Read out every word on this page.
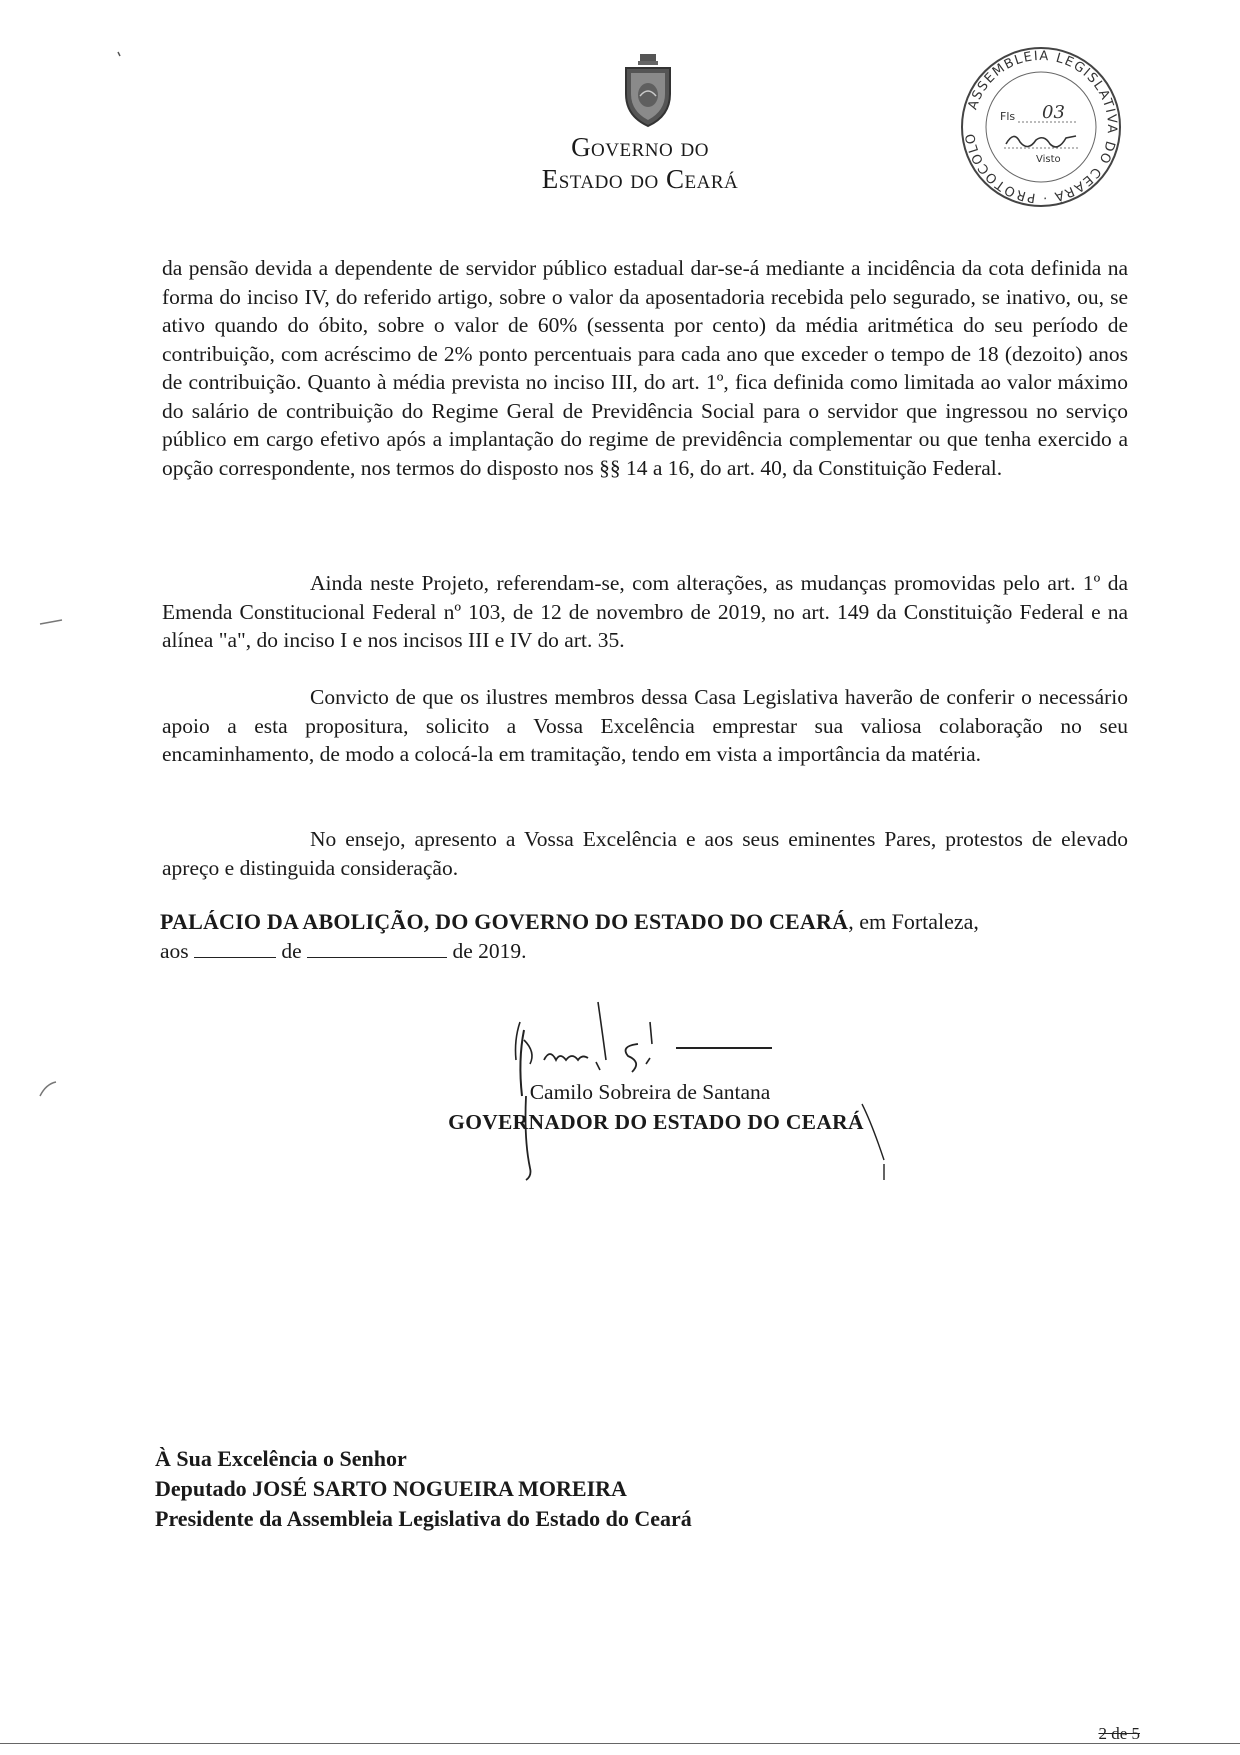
Governo do
Estado do Ceará
ASSEMBLEIA LEGISLATIVA DO CEARÁ · PROTOCOLO
Fls 03
Visto
da pensão devida a dependente de servidor público estadual dar-se-á mediante a incidência da cota definida na forma do inciso IV, do referido artigo, sobre o valor da aposentadoria recebida pelo segurado, se inativo, ou, se ativo quando do óbito, sobre o valor de 60% (sessenta por cento) da média aritmética do seu período de contribuição, com acréscimo de 2% ponto percentuais para cada ano que exceder o tempo de 18 (dezoito) anos de contribuição. Quanto à média prevista no inciso III, do art. 1º, fica definida como limitada ao valor máximo do salário de contribuição do Regime Geral de Previdência Social para o servidor que ingressou no serviço público em cargo efetivo após a implantação do regime de previdência complementar ou que tenha exercido a opção correspondente, nos termos do disposto nos §§ 14 a 16, do art. 40, da Constituição Federal.
Ainda neste Projeto, referendam-se, com alterações, as mudanças promovidas pelo art. 1º da Emenda Constitucional Federal nº 103, de 12 de novembro de 2019, no art. 149 da Constituição Federal e na alínea "a", do inciso I e nos incisos III e IV do art. 35.
Convicto de que os ilustres membros dessa Casa Legislativa haverão de conferir o necessário apoio a esta propositura, solicito a Vossa Excelência emprestar sua valiosa colaboração no seu encaminhamento, de modo a colocá-la em tramitação, tendo em vista a importância da matéria.
No ensejo, apresento a Vossa Excelência e aos seus eminentes Pares, protestos de elevado apreço e distinguida consideração.
PALÁCIO DA ABOLIÇÃO, DO GOVERNO DO ESTADO DO CEARÁ, em Fortaleza,
aos	de	de 2019.
Camilo Sobreira de Santana
GOVERNADOR DO ESTADO DO CEARÁ
À Sua Excelência o Senhor
Deputado JOSÉ SARTO NOGUEIRA MOREIRA
Presidente da Assembleia Legislativa do Estado do Ceará
2 de 5
